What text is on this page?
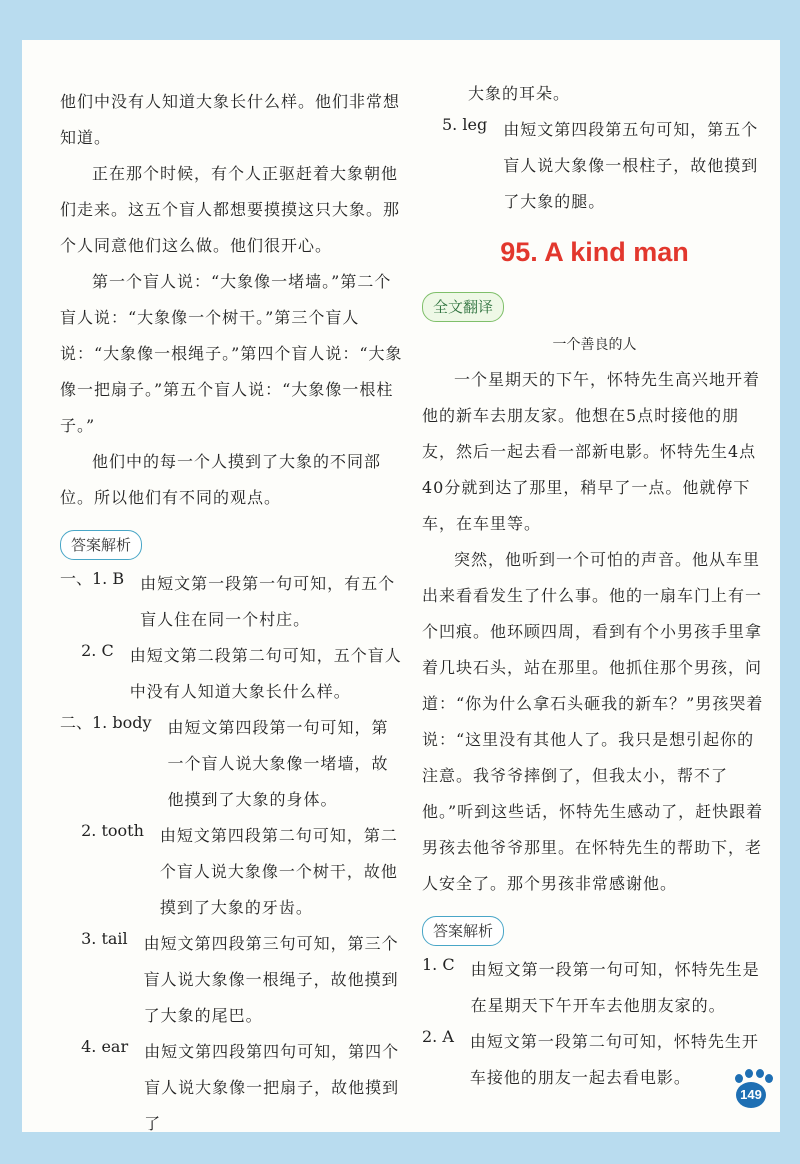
他们中没有人知道大象长什么样。他们非常想知道。

正在那个时候，有个人正驱赶着大象朝他们走来。这五个盲人都想要摸摸这只大象。那个人同意他们这么做。他们很开心。

第一个盲人说：“大象像一堵墙。”第二个盲人说：“大象像一个树干。”第三个盲人说：“大象像一根绳子。”第四个盲人说：“大象像一把扇子。”第五个盲人说：“大象像一根柱子。”

他们中的每一个人摸到了大象的不同部位。所以他们有不同的观点。

答案解析
一、1. B　 由短文第一段第一句可知，有五个盲人住在同一个村庄。

　 2. C　 由短文第二段第二句可知，五个盲人中没有人知道大象长什么样。

二、1. body　 由短文第四段第一句可知，第一个盲人说大象像一堵墙，故他摸到了大象的身体。

　 2. tooth　 由短文第四段第二句可知，第二个盲人说大象像一个树干，故他摸到了大象的牙齿。

　 3. tail　 由短文第四段第三句可知，第三个盲人说大象像一根绳子，故他摸到了大象的尾巴。

　 4. ear　 由短文第四段第四句可知，第四个盲人说大象像一把扇子，故他摸到了

大象的耳朵。

5. leg　 由短文第四段第五句可知，第五个盲人说大象像一根柱子，故他摸到了大象的腿。

95. A kind man
全文翻译
一个善良的人

一个星期天的下午，怀特先生高兴地开着他的新车去朋友家。他想在5点时接他的朋友，然后一起去看一部新电影。怀特先生4点40分就到达了那里，稍早了一点。他就停下车，在车里等。

突然，他听到一个可怕的声音。他从车里出来看看发生了什么事。他的一扇车门上有一个凹痕。他环顾四周，看到有个小男孩手里拿着几块石头，站在那里。他抓住那个男孩，问道：“你为什么拿石头砸我的新车？”男孩哭着说：“这里没有其他人了。我只是想引起你的注意。我爷爷摔倒了，但我太小，帮不了他。”听到这些话，怀特先生感动了，赶快跟着男孩去他爷爷那里。在怀特先生的帮助下，老人安全了。那个男孩非常感谢他。

答案解析
1. C　 由短文第一段第一句可知，怀特先生是在星期天下午开车去他朋友家的。

2. A　 由短文第一段第二句可知，怀特先生开车接他的朋友一起去看电影。

149
